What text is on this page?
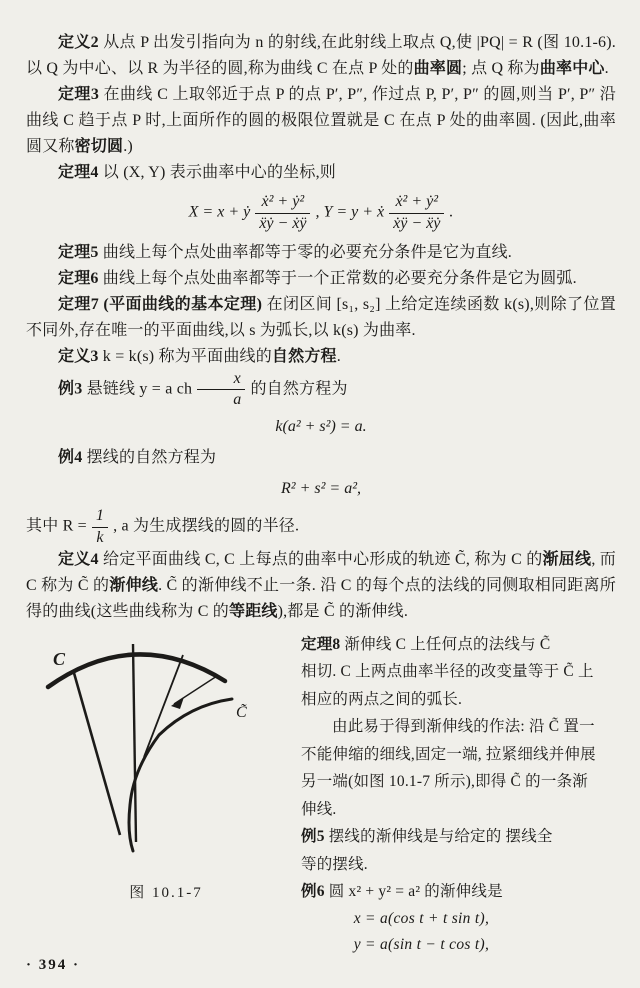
定义2 从点 P 出发引指向为 n 的射线,在此射线上取点 Q,使 |PQ| = R (图 10.1-6). 以 Q 为中心、以 R 为半径的圆,称为曲线 C 在点 P 处的曲率圆; 点 Q 称为曲率中心.

定理3 在曲线 C 上取邻近于点 P 的点 P′, P″, 作过点 P, P′, P″ 的圆,则当 P′, P″ 沿曲线 C 趋于点 P 时,上面所作的圆的极限位置就是 C 在点 P 处的曲率圆. (因此,曲率圆又称密切圆.)

定理4 以 (X, Y) 表示曲率中心的坐标,则

X = x + ẏ $\frac{\text{ẋ² + ẏ²}}{\text{ẍẏ − ẋÿ}}$ , Y = y + ẋ $\frac{\text{ẋ² + ẏ²}}{\text{ẋÿ − ẍẏ}}$ .

定理5 曲线上每个点处曲率都等于零的必要充分条件是它为直线.

定理6 曲线上每个点处曲率都等于一个正常数的必要充分条件是它为圆弧.

定理7 (平面曲线的基本定理) 在闭区间 [s₁, s₂] 上给定连续函数 k(s),则除了位置不同外,存在唯一的平面曲线,以 s 为弧长,以 k(s) 为曲率.

定义3 k = k(s) 称为平面曲线的自然方程.

例3 悬链线 y = a ch $\frac{x}{a}$ 的自然方程为

k(a² + s²) = a.

例4 摆线的自然方程为

R² + s² = a²,

其中 $R = \frac{1}{k}$ , a 为生成摆线的圆的半径.

定义4 给定平面曲线 C, C 上每点的曲率中心形成的轨迹 C̃, 称为 C 的渐屈线, 而 C 称为 C̃ 的渐伸线. C̃ 的渐伸线不止一条. 沿 C 的每个点的法线的同侧取相同距离所得的曲线(这些曲线称为 C 的等距线),都是 C̃ 的渐伸线.

C
C̃
图 10.1-7
定理8 渐伸线 C 上任何点的法线与 C̃
相切. C 上两点曲率半径的改变量等于 C̃ 上
相应的两点之间的弧长.
由此易于得到渐伸线的作法: 沿 C̃ 置一
不能伸缩的细线,固定一端, 拉紧细线并伸展
另一端(如图 10.1-7 所示),即得 C̃ 的一条渐
伸线.
例5 摆线的渐伸线是与给定的 摆线全
等的摆线.
例6 圆 x² + y² = a² 的渐伸线是
x = a(cos t + t sin t),
y = a(sin t − t cos t),
· 394 ·
